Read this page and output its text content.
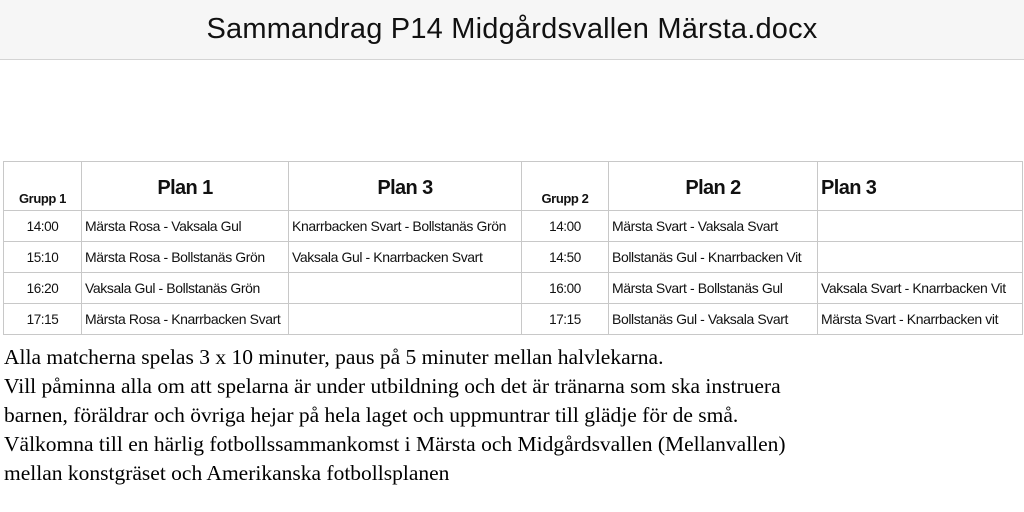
Sammandrag P14 Midgårdsvallen Märsta.docx
Grupp 1	Plan 1	Plan 3	Grupp 2	Plan 2	Plan 3
14:00	Märsta Rosa - Vaksala Gul	Knarrbacken Svart - Bollstanäs Grön	14:00	Märsta Svart - Vaksala Svart	
15:10	Märsta Rosa - Bollstanäs Grön	Vaksala Gul - Knarrbacken Svart	14:50	Bollstanäs Gul - Knarrbacken Vit	
16:20	Vaksala Gul - Bollstanäs Grön		16:00	Märsta Svart - Bollstanäs Gul	Vaksala Svart - Knarrbacken Vit
17:15	Märsta Rosa - Knarrbacken Svart		17:15	Bollstanäs Gul - Vaksala Svart	Märsta Svart - Knarrbacken vit

Alla matcherna spelas 3 x 10 minuter, paus på 5 minuter mellan halvlekarna.

Vill påminna alla om att spelarna är under utbildning och det är tränarna som ska instruera

barnen, föräldrar och övriga hejar på hela laget och uppmuntrar till glädje för de små.

Välkomna till en härlig fotbollssammankomst i Märsta och Midgårdsvallen (Mellanvallen)

mellan konstgräset och Amerikanska fotbollsplanen
